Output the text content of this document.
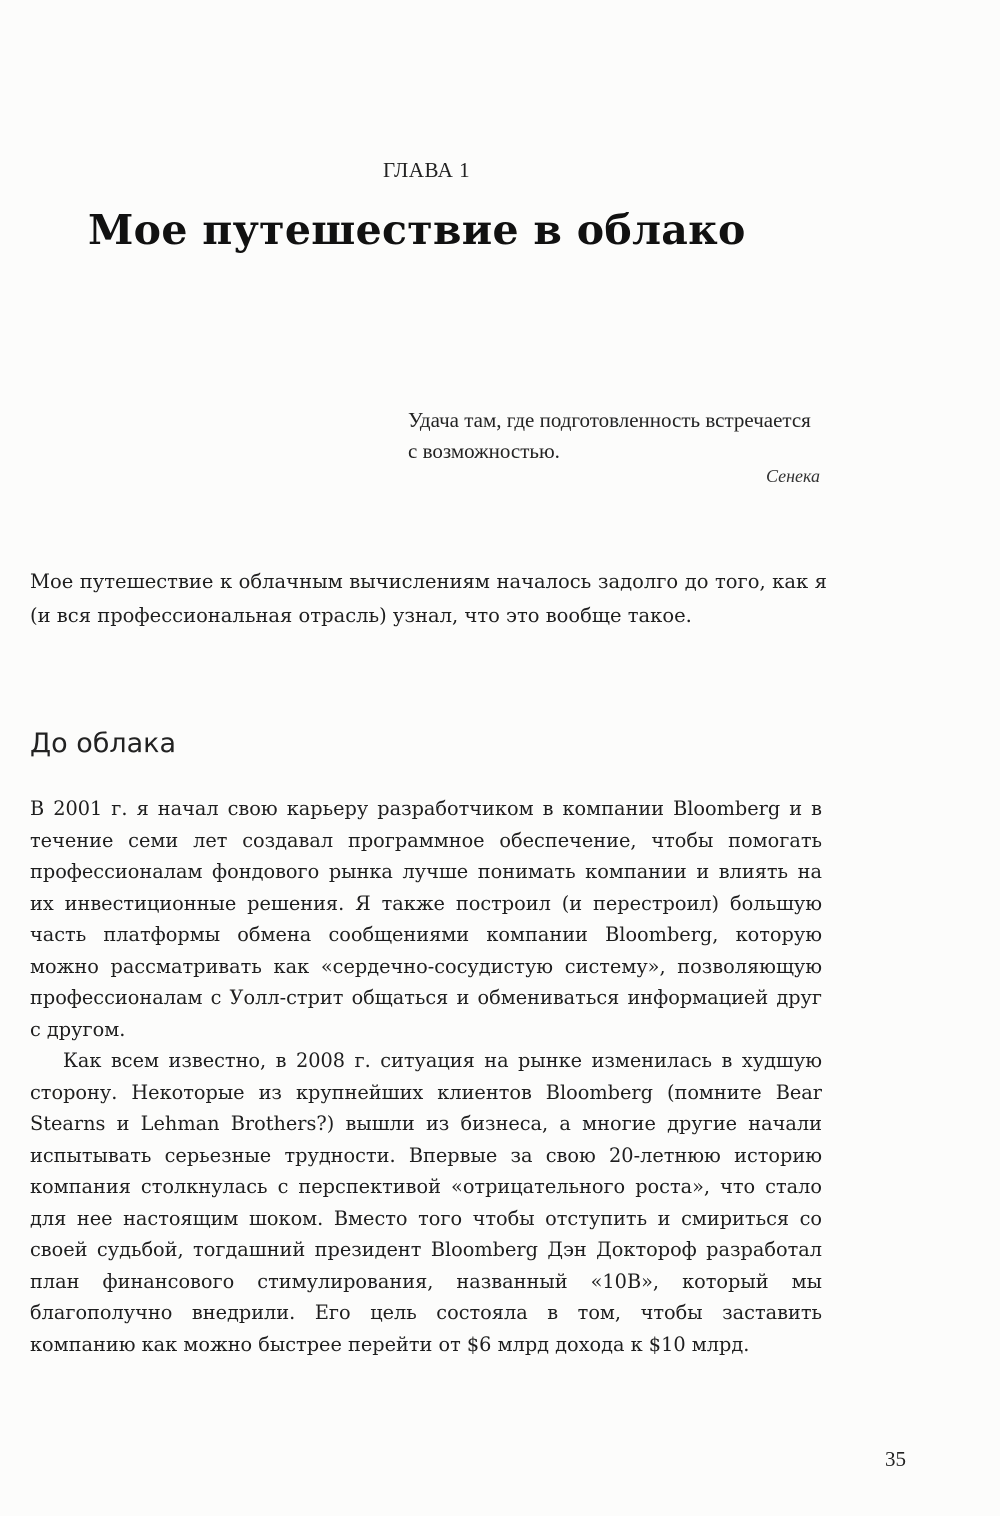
ГЛАВА 1
Мое путешествие в облако
Удача там, где подготовленность встречается с возможностью.
Сенека
Мое путешествие к облачным вычислениям началось задолго до того, как я (и вся профессиональная отрасль) узнал, что это вообще такое.
До облака

В 2001 г. я начал свою карьеру разработчиком в компании Bloomberg и в течение семи лет создавал программное обеспечение, чтобы помогать профессионалам фондового рынка лучше понимать компании и влиять на их инвестиционные решения. Я также построил (и перестроил) большую часть платформы обмена сообщениями компании Bloomberg, которую можно рассматривать как «сердечно-сосудистую систему», позволяющую профессионалам с Уолл-стрит общаться и обмениваться информацией друг с другом.

Как всем известно, в 2008 г. ситуация на рынке изменилась в худшую сторону. Некоторые из крупнейших клиентов Bloomberg (помните Bear Stearns и Lehman Brothers?) вышли из бизнеса, а многие другие начали испытывать серьезные трудности. Впервые за свою 20-летнюю историю компания столкнулась с перспективой «отрицательного роста», что стало для нее настоящим шоком. Вместо того чтобы отступить и смириться со своей судьбой, тогдашний президент Bloomberg Дэн Доктороф разработал план финансового стимулирования, названный «10B», который мы благополучно внедрили. Его цель состояла в том, чтобы заставить компанию как можно быстрее перейти от $6 млрд дохода к $10 млрд.

35
